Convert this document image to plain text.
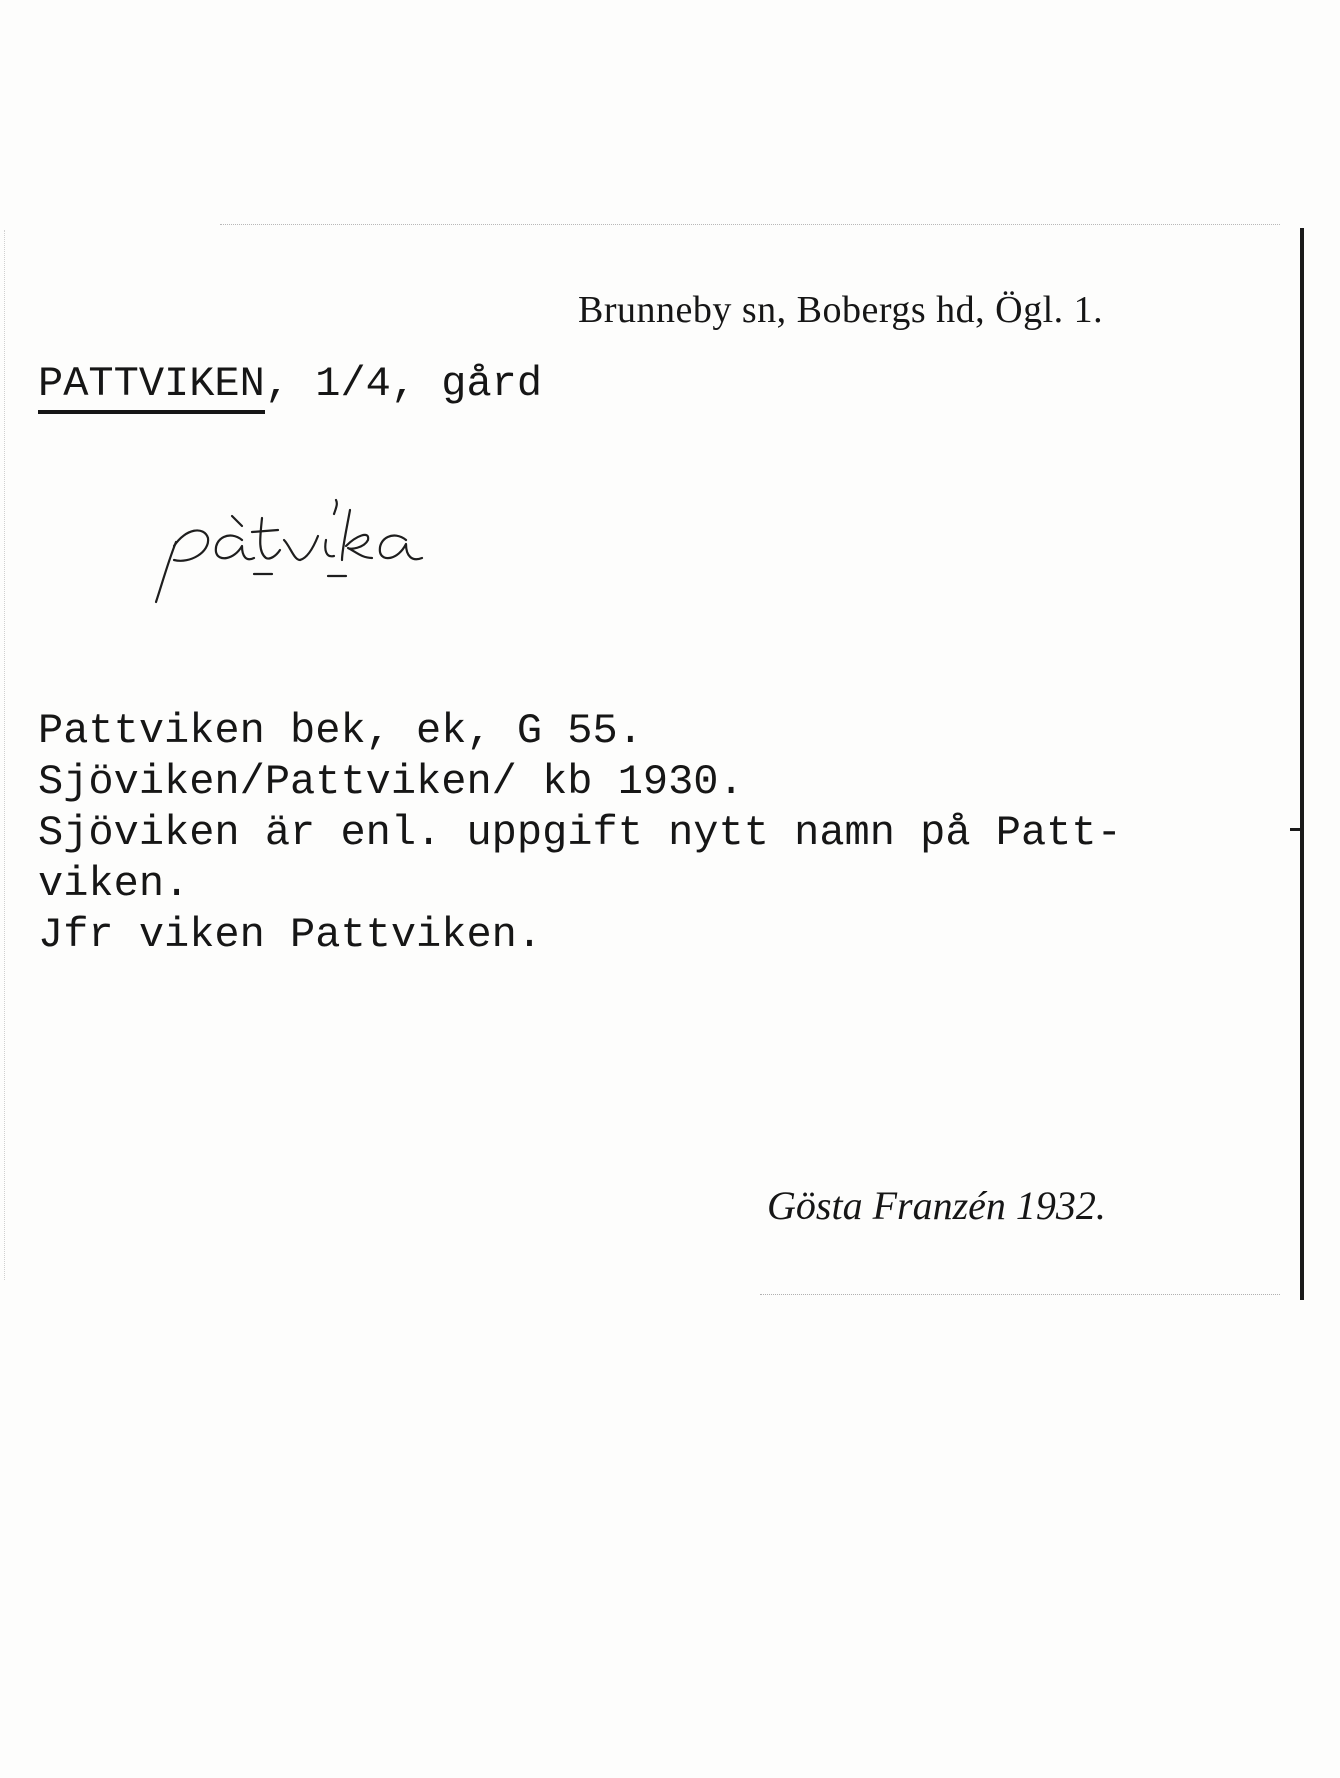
Brunneby sn, Bobergs hd, Ögl. 1.
PATTVIKEN, 1/4, gård
Pattviken bek, ek, G 55.
Sjöviken/Pattviken/ kb 1930.
Sjöviken är enl. uppgift nytt namn på Patt-
viken.
Jfr viken Pattviken.
Gösta Franzén 1932.
